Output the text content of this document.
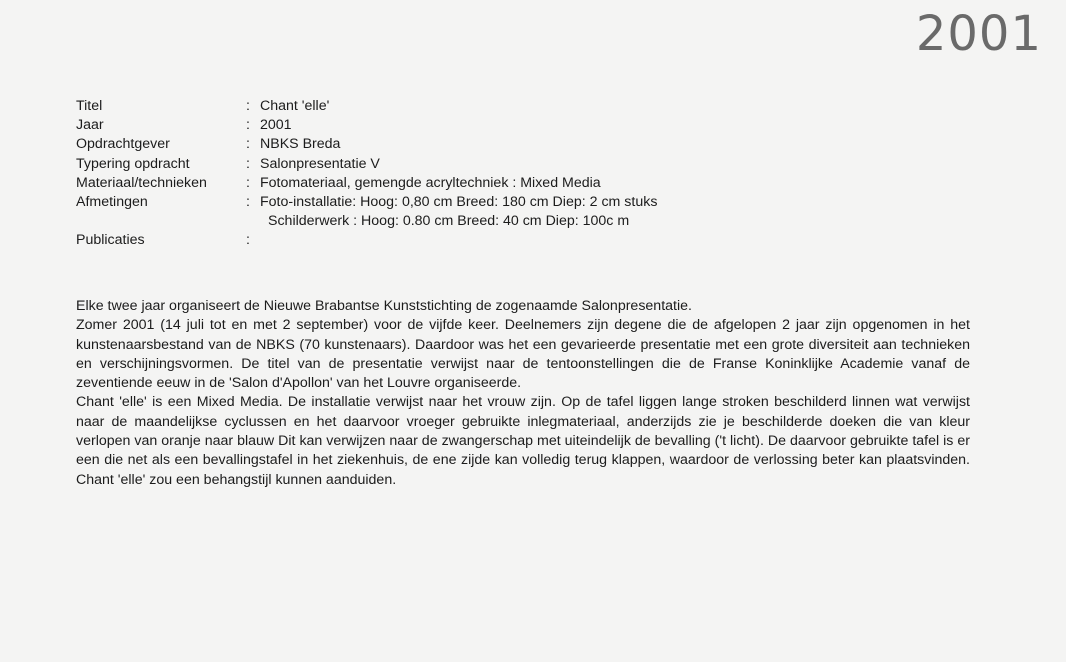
2001
Titel	: Chant 'elle'
Jaar	: 2001
Opdrachtgever	: NBKS Breda
Typering opdracht	: Salonpresentatie V
Materiaal/technieken	: Fotomateriaal, gemengde acryltechniek : Mixed Media
Afmetingen	: Foto-installatie: Hoog: 0,80 cm Breed: 180 cm Diep: 2 cm stuks
Schilderwerk : Hoog: 0.80 cm Breed: 40 cm Diep: 100c m
Publicaties	:

Elke twee jaar organiseert de Nieuwe Brabantse Kunststichting de zogenaamde Salonpresentatie.

Zomer 2001 (14 juli tot en met 2 september) voor de vijfde keer. Deelnemers zijn degene die de afgelopen 2 jaar zijn opgenomen in het kunstenaarsbestand van de NBKS (70 kunstenaars). Daardoor was het een gevarieerde presentatie met een grote diversiteit aan technieken en verschijningsvormen. De titel van de presentatie verwijst naar de tentoonstellingen die de Franse Koninklijke Academie vanaf de zeventiende eeuw in de 'Salon d'Apollon' van het Louvre organiseerde.

Chant 'elle' is een Mixed Media. De installatie verwijst naar het vrouw zijn. Op de tafel liggen lange stroken beschilderd linnen wat verwijst naar de maandelijkse cyclussen en het daarvoor vroeger gebruikte inlegmateriaal, anderzijds zie je beschilderde doeken die van kleur verlopen van oranje naar blauw Dit kan verwijzen naar de zwangerschap met uiteindelijk de bevalling ('t licht). De daarvoor gebruikte tafel is er een die net als een bevallingstafel in het ziekenhuis, de ene zijde kan volledig terug klappen, waardoor de verlossing beter kan plaatsvinden. Chant 'elle' zou een behangstijl kunnen aanduiden.
